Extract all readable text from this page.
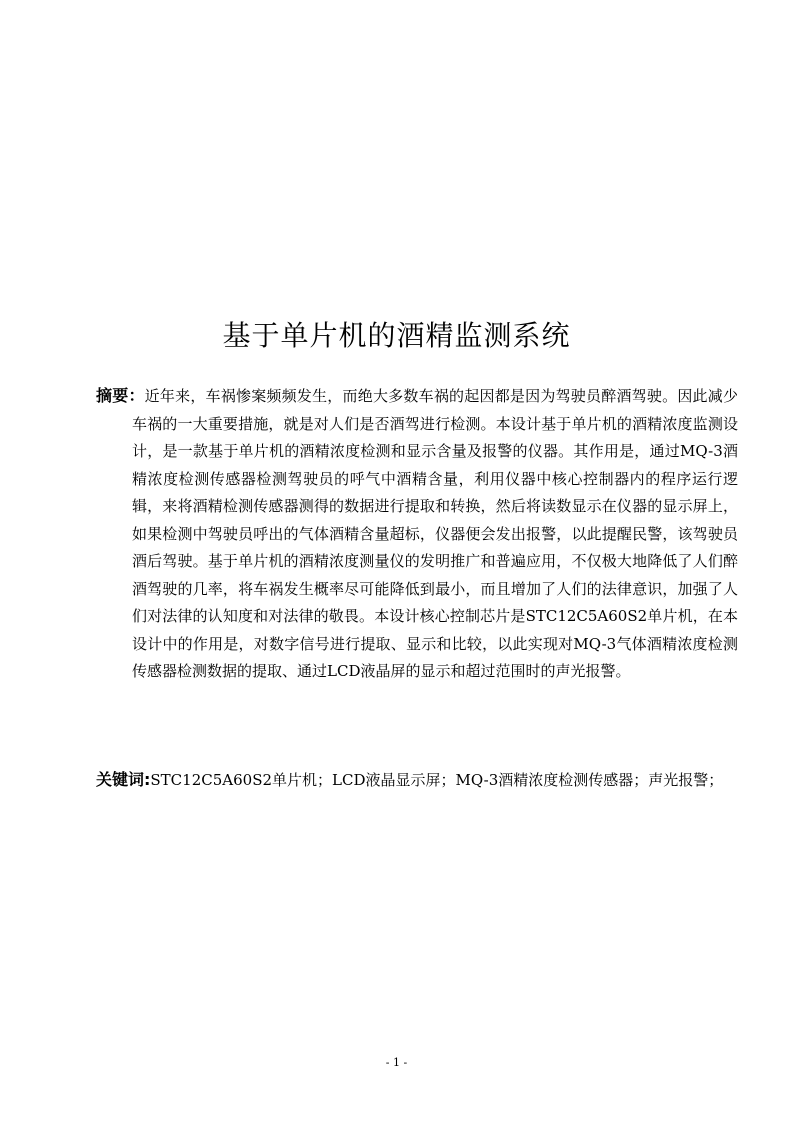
基于单片机的酒精监测系统

摘要：近年来，车祸惨案频频发生，而绝大多数车祸的起因都是因为驾驶员醉酒驾驶。因此减少车祸的一大重要措施，就是对人们是否酒驾进行检测。本设计基于单片机的酒精浓度监测设计，是一款基于单片机的酒精浓度检测和显示含量及报警的仪器。其作用是，通过MQ-3酒精浓度检测传感器检测驾驶员的呼气中酒精含量，利用仪器中核心控制器内的程序运行逻辑，来将酒精检测传感器测得的数据进行提取和转换，然后将读数显示在仪器的显示屏上，如果检测中驾驶员呼出的气体酒精含量超标，仪器便会发出报警，以此提醒民警，该驾驶员酒后驾驶。基于单片机的酒精浓度测量仪的发明推广和普遍应用，不仅极大地降低了人们醉酒驾驶的几率，将车祸发生概率尽可能降低到最小，而且增加了人们的法律意识，加强了人们对法律的认知度和对法律的敬畏。本设计核心控制芯片是STC12C5A60S2单片机，在本设计中的作用是，对数字信号进行提取、显示和比较，以此实现对MQ-3气体酒精浓度检测传感器检测数据的提取、通过LCD液晶屏的显示和超过范围时的声光报警。

关键词:STC12C5A60S2单片机；LCD液晶显示屏；MQ-3酒精浓度检测传感器；声光报警；

- 1 -
